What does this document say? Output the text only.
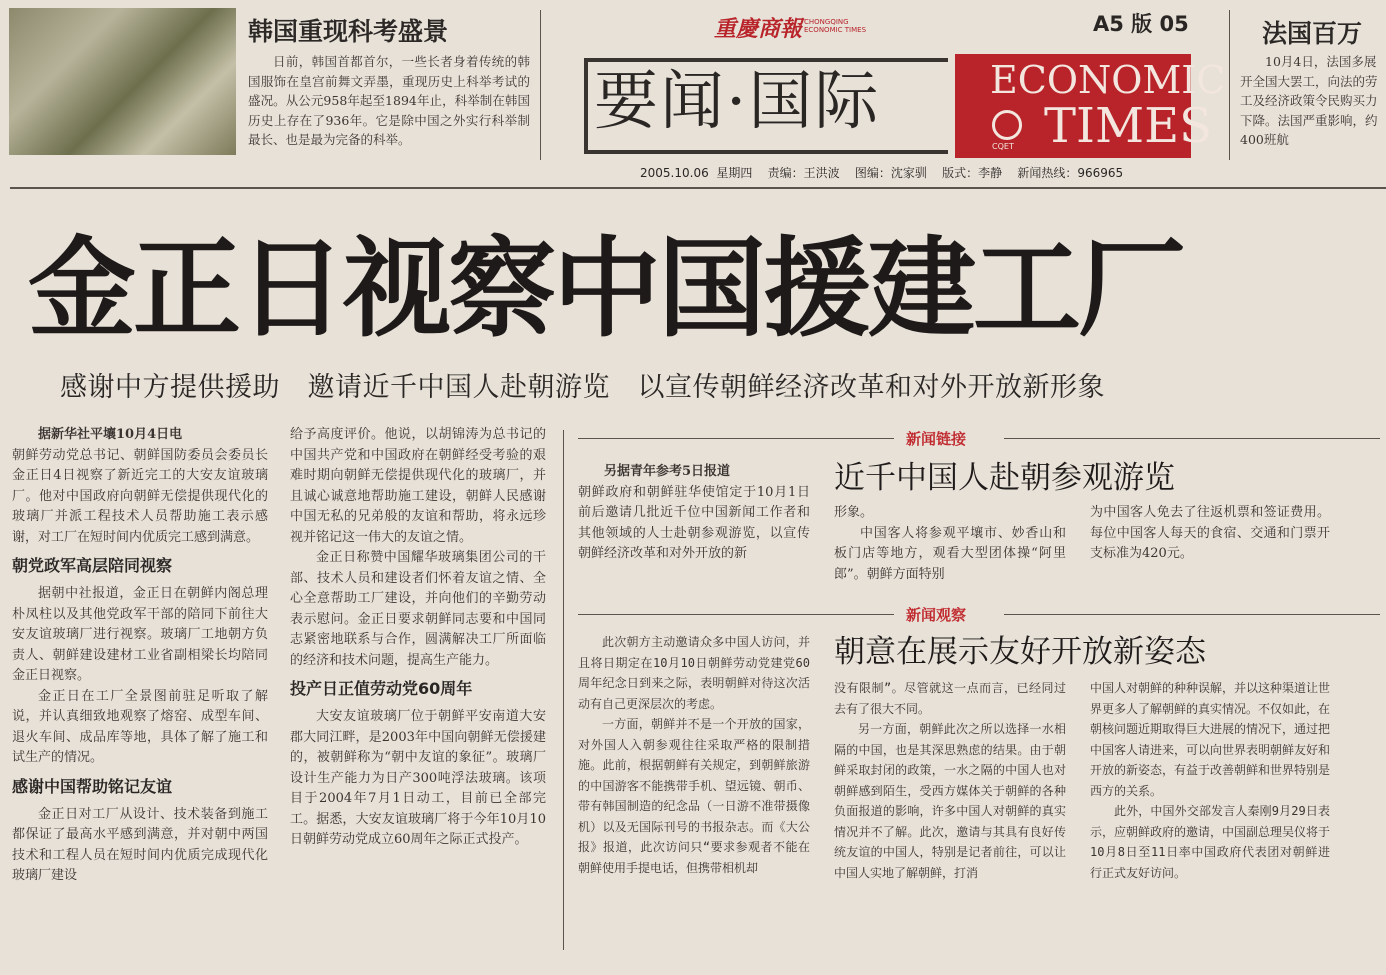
韩国重现科考盛景
日前，韩国首都首尔，一些长者身着传统的韩国服饰在皇宫前舞文弄墨，重现历史上科举考试的盛况。从公元958年起至1894年止，科举制在韩国历史上存在了936年。它是除中国之外实行科举制最长、也是最为完备的科举。
重慶商報 CHONGQING ECONOMIC TIMES	A5 版 05
要闻·国际	ECONOMIC
TIMES
CQET
2005.10.06  星期四    责编：王洪波    图编：沈家驯    版式：李静    新闻热线：966965
法国百万
10月4日，法国多展开全国大罢工，向法的劳工及经济政策令民购买力下降。法国严重影响，约400班航
金正日视察中国援建工厂
感谢中方提供援助　邀请近千中国人赴朝游览　以宣传朝鲜经济改革和对外开放新形象

据新华社平壤10月4日电

朝鲜劳动党总书记、朝鲜国防委员会委员长金正日4日视察了新近完工的大安友谊玻璃厂。他对中国政府向朝鲜无偿提供现代化的玻璃厂并派工程技术人员帮助施工表示感谢，对工厂在短时间内优质完工感到满意。

朝党政军高层陪同视察

据朝中社报道，金正日在朝鲜内阁总理朴凤柱以及其他党政军干部的陪同下前往大安友谊玻璃厂进行视察。玻璃厂工地朝方负责人、朝鲜建设建材工业省副相梁长均陪同金正日视察。

金正日在工厂全景图前驻足听取了解说，并认真细致地观察了熔窑、成型车间、退火车间、成品库等地，具体了解了施工和试生产的情况。

感谢中国帮助铭记友谊

金正日对工厂从设计、技术装备到施工都保证了最高水平感到满意，并对朝中两国技术和工程人员在短时间内优质完成现代化玻璃厂建设

给予高度评价。他说，以胡锦涛为总书记的中国共产党和中国政府在朝鲜经受考验的艰难时期向朝鲜无偿提供现代化的玻璃厂，并且诚心诚意地帮助施工建设，朝鲜人民感谢中国无私的兄弟般的友谊和帮助，将永远珍视并铭记这一伟大的友谊之情。

金正日称赞中国耀华玻璃集团公司的干部、技术人员和建设者们怀着友谊之情、全心全意帮助工厂建设，并向他们的辛勤劳动表示慰问。金正日要求朝鲜同志要和中国同志紧密地联系与合作，圆满解决工厂所面临的经济和技术问题，提高生产能力。

投产日正值劳动党60周年

大安友谊玻璃厂位于朝鲜平安南道大安郡大同江畔，是2003年中国向朝鲜无偿援建的，被朝鲜称为“朝中友谊的象征”。玻璃厂设计生产能力为日产300吨浮法玻璃。该项目于2004年7月1日动工，目前已全部完工。据悉，大安友谊玻璃厂将于今年10月10日朝鲜劳动党成立60周年之际正式投产。

新闻链接
近千中国人赴朝参观游览

另据青年参考5日报道

朝鲜政府和朝鲜驻华使馆定于10月1日前后邀请几批近千位中国新闻工作者和其他领域的人士赴朝参观游览，以宣传朝鲜经济改革和对外开放的新

形象。

中国客人将参观平壤市、妙香山和板门店等地方，观看大型团体操“阿里郎”。朝鲜方面特别

为中国客人免去了往返机票和签证费用。每位中国客人每天的食宿、交通和门票开支标准为420元。

新闻观察
朝意在展示友好开放新姿态

此次朝方主动邀请众多中国人访问，并且将日期定在10月10日朝鲜劳动党建党60周年纪念日到来之际，表明朝鲜对待这次活动有自己更深层次的考虑。

一方面，朝鲜并不是一个开放的国家，对外国人入朝参观往往采取严格的限制措施。此前，根据朝鲜有关规定，到朝鲜旅游的中国游客不能携带手机、望远镜、朝币、带有韩国制造的纪念品（一日游不准带摄像机）以及无国际刊号的书报杂志。而《大公报》报道，此次访问只“要求参观者不能在朝鲜使用手提电话，但携带相机却

没有限制”。尽管就这一点而言，已经同过去有了很大不同。

另一方面，朝鲜此次之所以选择一水相隔的中国，也是其深思熟虑的结果。由于朝鲜采取封闭的政策，一水之隔的中国人也对朝鲜感到陌生，受西方媒体关于朝鲜的各种负面报道的影响，许多中国人对朝鲜的真实情况并不了解。此次，邀请与其具有良好传统友谊的中国人，特别是记者前往，可以让中国人实地了解朝鲜，打消

中国人对朝鲜的种种误解，并以这种渠道让世界更多人了解朝鲜的真实情况。不仅如此，在朝核问题近期取得巨大进展的情况下，通过把中国客人请进来，可以向世界表明朝鲜友好和开放的新姿态，有益于改善朝鲜和世界特别是西方的关系。

此外，中国外交部发言人秦刚9月29日表示，应朝鲜政府的邀请，中国副总理吴仪将于10月8日至11日率中国政府代表团对朝鲜进行正式友好访问。
